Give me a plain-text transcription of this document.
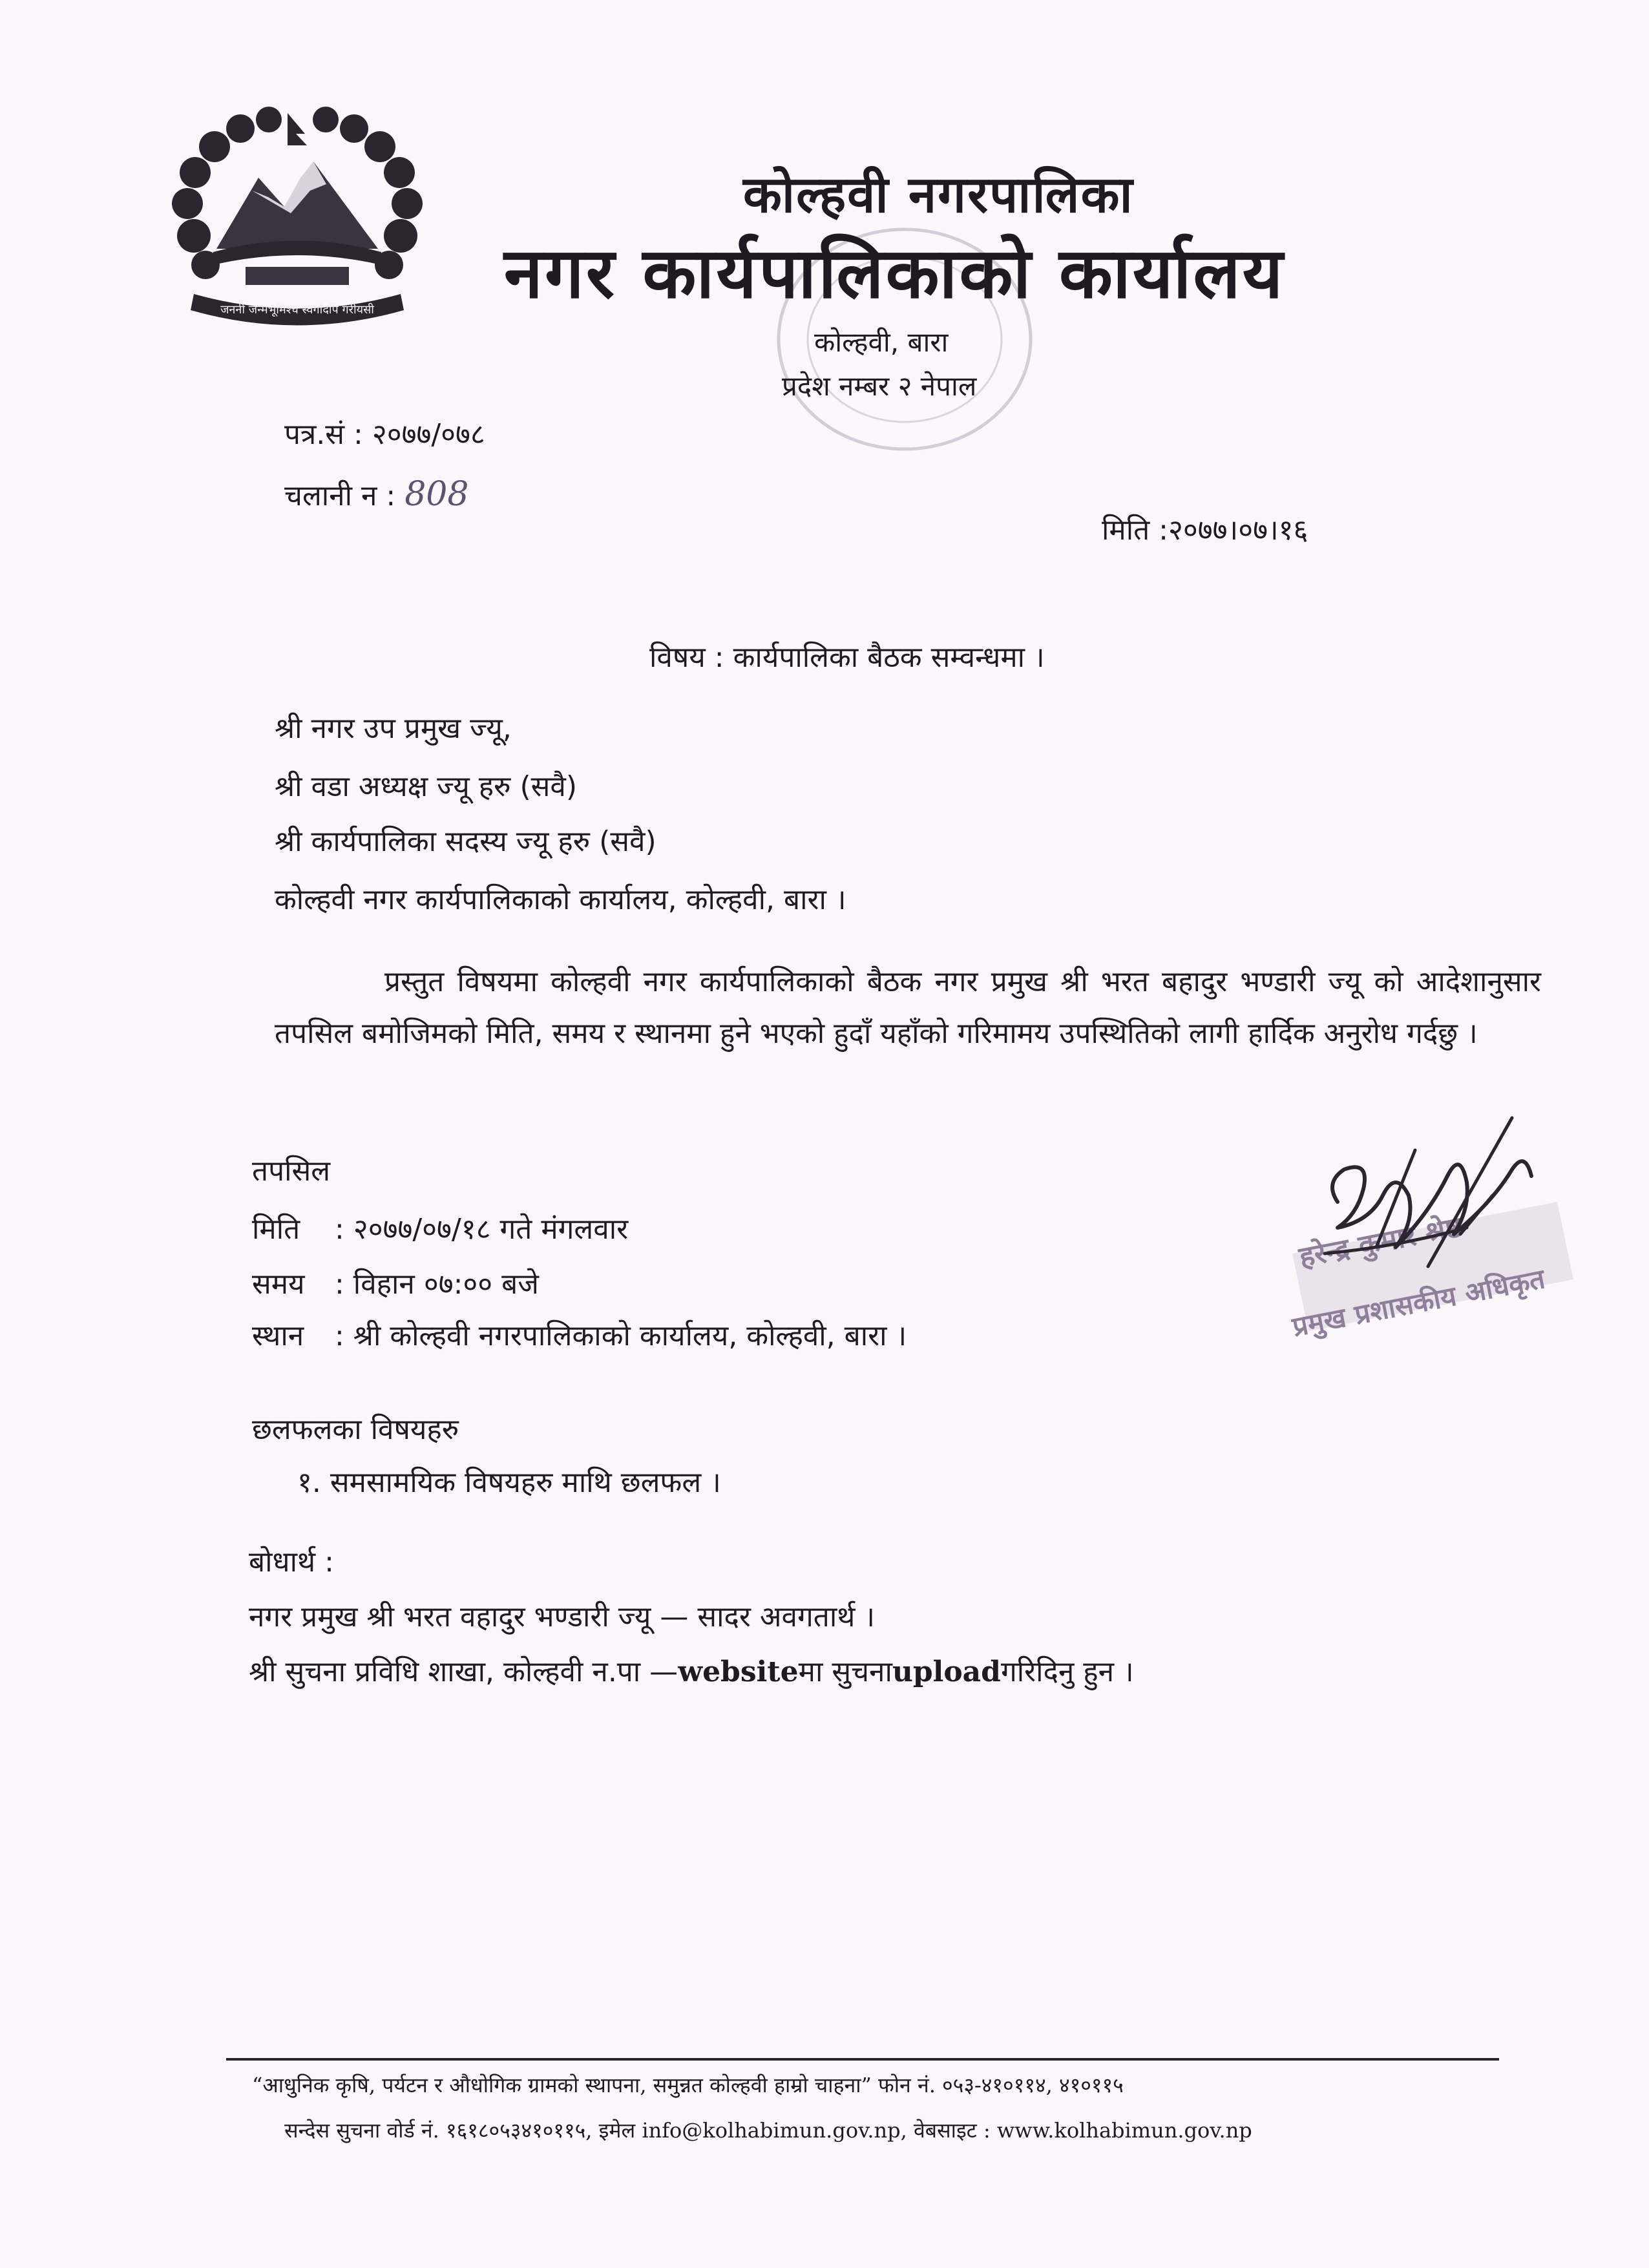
जननी जन्मभूमिश्च स्वर्गादपि गरीयसी
कोल्हवी नगरपालिका
नगर कार्यपालिकाको कार्यालय
कोल्हवी, बारा
प्रदेश नम्बर २ नेपाल
पत्र.सं : २०७७/०७८
चलानी न : 808
मिति :२०७७।०७।१६
विषय : कार्यपालिका बैठक सम्वन्धमा ।
श्री नगर उप प्रमुख ज्यू,
श्री वडा अध्यक्ष ज्यू हरु (सवै)
श्री कार्यपालिका सदस्य ज्यू हरु (सवै)
कोल्हवी नगर कार्यपालिकाको कार्यालय, कोल्हवी, बारा ।
प्रस्तुत विषयमा कोल्हवी नगर कार्यपालिकाको बैठक नगर प्रमुख श्री भरत बहादुर भण्डारी ज्यू को आदेशानुसार तपसिल बमोजिमको मिति, समय र स्थानमा हुने भएको हुदाँ यहाँको गरिमामय उपस्थितिको लागी हार्दिक अनुरोध गर्दछु ।
तपसिल
मिति : २०७७/०७/१८ गते मंगलवार
समय : विहान ०७:०० बजे
स्थान : श्री कोल्हवी नगरपालिकाको कार्यालय, कोल्हवी, बारा ।
छलफलका विषयहरु
१. समसामयिक विषयहरु माथि छलफल ।
बोधार्थ :
नगर प्रमुख श्री भरत वहादुर भण्डारी ज्यू — सादर अवगतार्थ ।
श्री सुचना प्रविधि शाखा, कोल्हवी न.पा —websiteमा सुचनाuploadगरिदिनु हुन ।
हरेन्द्र कुमार श्रेष्ठ
प्रमुख प्रशासकीय अधिकृत
“आधुनिक कृषि, पर्यटन र औधोगिक ग्रामको स्थापना, समुन्नत कोल्हवी हाम्रो चाहना” फोन नं. ०५३-४१०११४, ४१०११५
सन्देस सुचना वोर्ड नं. १६१८०५३४१०११५, इमेल info@kolhabimun.gov.np, वेबसाइट : www.kolhabimun.gov.np
